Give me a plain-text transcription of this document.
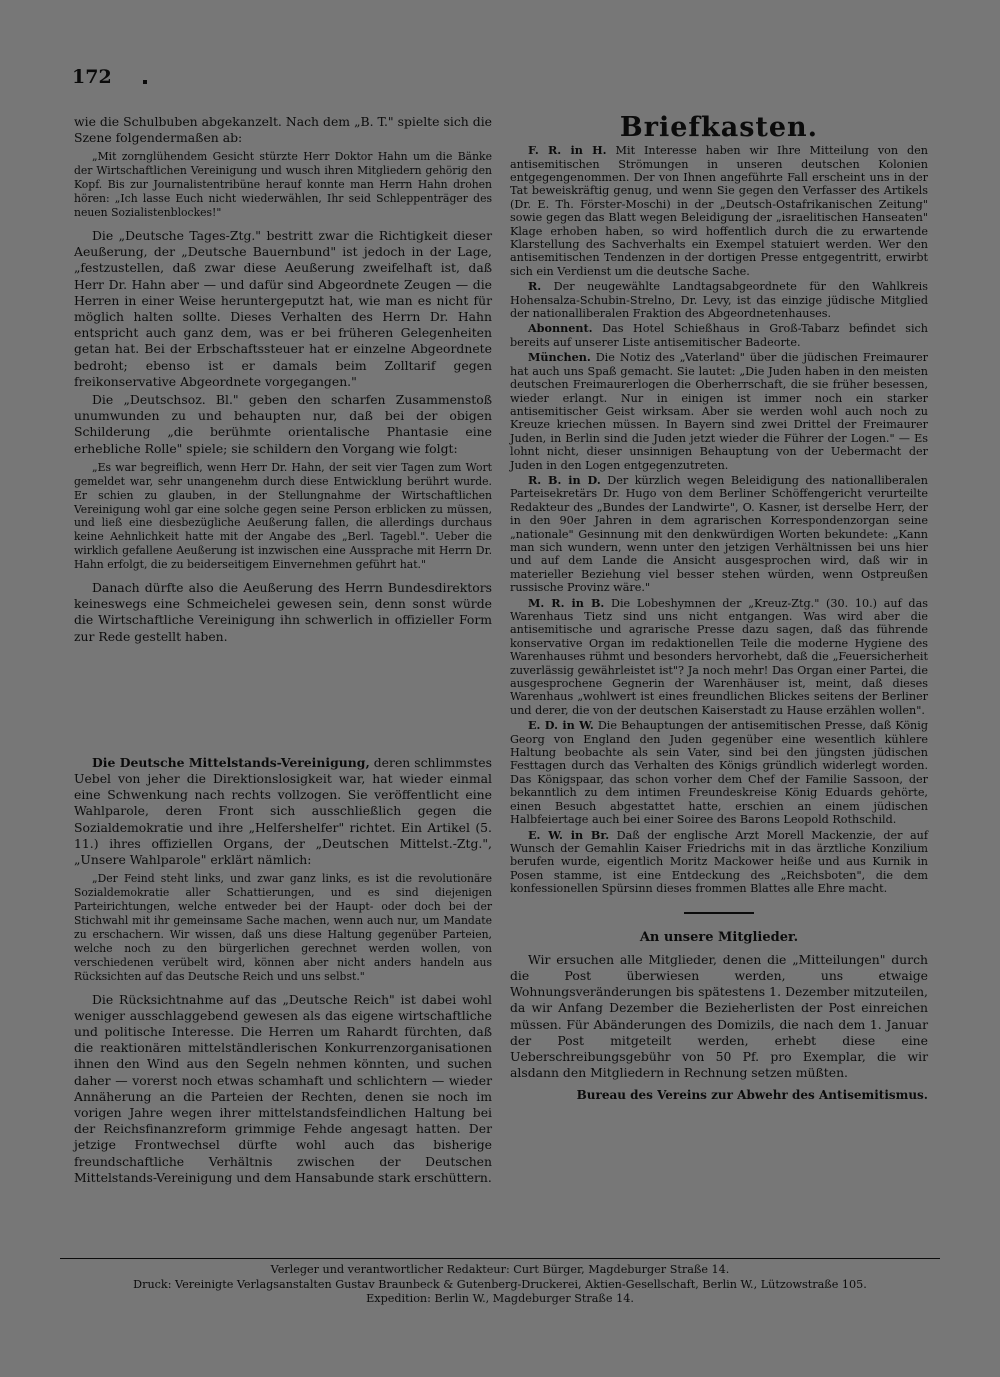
172

wie die Schulbuben abgekanzelt. Nach dem „B. T." spielte sich die Szene folgendermaßen ab:

„Mit zornglühendem Gesicht stürzte Herr Doktor Hahn um die Bänke der Wirtschaftlichen Vereinigung und wusch ihren Mitgliedern gehörig den Kopf. Bis zur Journalistentribüne herauf konnte man Herrn Hahn drohen hören: „Ich lasse Euch nicht wiederwählen, Ihr seid Schleppenträger des neuen Sozialistenblockes!"

Die „Deutsche Tages-Ztg." bestritt zwar die Richtigkeit dieser Aeußerung, der „Deutsche Bauernbund" ist jedoch in der Lage, „festzustellen, daß zwar diese Aeußerung zweifelhaft ist, daß Herr Dr. Hahn aber — und dafür sind Abgeordnete Zeugen — die Herren in einer Weise heruntergeputzt hat, wie man es nicht für möglich halten sollte. Dieses Verhalten des Herrn Dr. Hahn entspricht auch ganz dem, was er bei früheren Gelegenheiten getan hat. Bei der Erbschaftssteuer hat er einzelne Abgeordnete bedroht; ebenso ist er damals beim Zolltarif gegen freikonservative Abgeordnete vorgegangen."

Die „Deutschsoz. Bl." geben den scharfen Zusammenstoß unumwunden zu und behaupten nur, daß bei der obigen Schilderung „die berühmte orientalische Phantasie eine erhebliche Rolle" spiele; sie schildern den Vorgang wie folgt:

„Es war begreiflich, wenn Herr Dr. Hahn, der seit vier Tagen zum Wort gemeldet war, sehr unangenehm durch diese Entwicklung berührt wurde. Er schien zu glauben, in der Stellungnahme der Wirtschaftlichen Vereinigung wohl gar eine solche gegen seine Person erblicken zu müssen, und ließ eine diesbezügliche Aeußerung fallen, die allerdings durchaus keine Aehnlichkeit hatte mit der Angabe des „Berl. Tagebl.". Ueber die wirklich gefallene Aeußerung ist inzwischen eine Aussprache mit Herrn Dr. Hahn erfolgt, die zu beiderseitigem Einvernehmen geführt hat."

Danach dürfte also die Aeußerung des Herrn Bundesdirektors keineswegs eine Schmeichelei gewesen sein, denn sonst würde die Wirtschaftliche Vereinigung ihn schwerlich in offizieller Form zur Rede gestellt haben.

Die Deutsche Mittelstands-Vereinigung, deren schlimmstes Uebel von jeher die Direktionslosigkeit war, hat wieder einmal eine Schwenkung nach rechts vollzogen. Sie veröffentlicht eine Wahlparole, deren Front sich ausschließlich gegen die Sozialdemokratie und ihre „Helfershelfer" richtet. Ein Artikel (5. 11.) ihres offiziellen Organs, der „Deutschen Mittelst.-Ztg.", „Unsere Wahlparole" erklärt nämlich:

„Der Feind steht links, und zwar ganz links, es ist die revolutionäre Sozialdemokratie aller Schattierungen, und es sind diejenigen Parteirichtungen, welche entweder bei der Haupt- oder doch bei der Stichwahl mit ihr gemeinsame Sache machen, wenn auch nur, um Mandate zu erschachern. Wir wissen, daß uns diese Haltung gegenüber Parteien, welche noch zu den bürgerlichen gerechnet werden wollen, von verschiedenen verübelt wird, können aber nicht anders handeln aus Rücksichten auf das Deutsche Reich und uns selbst."

Die Rücksichtnahme auf das „Deutsche Reich" ist dabei wohl weniger ausschlaggebend gewesen als das eigene wirtschaftliche und politische Interesse. Die Herren um Rahardt fürchten, daß die reaktionären mittelständlerischen Konkurrenzorganisationen ihnen den Wind aus den Segeln nehmen könnten, und suchen daher — vorerst noch etwas schamhaft und schlichtern — wieder Annäherung an die Parteien der Rechten, denen sie noch im vorigen Jahre wegen ihrer mittelstandsfeindlichen Haltung bei der Reichsfinanzreform grimmige Fehde angesagt hatten. Der jetzige Frontwechsel dürfte wohl auch das bisherige freundschaftliche Verhältnis zwischen der Deutschen Mittelstands-Vereinigung und dem Hansabunde stark erschüttern.

Briefkasten.

F. R. in H. Mit Interesse haben wir Ihre Mitteilung von den antisemitischen Strömungen in unseren deutschen Kolonien entgegengenommen. Der von Ihnen angeführte Fall erscheint uns in der Tat beweiskräftig genug, und wenn Sie gegen den Verfasser des Artikels (Dr. E. Th. Förster-Moschi) in der „Deutsch-Ostafrikanischen Zeitung" sowie gegen das Blatt wegen Beleidigung der „israelitischen Hanseaten" Klage erhoben haben, so wird hoffentlich durch die zu erwartende Klarstellung des Sachverhalts ein Exempel statuiert werden. Wer den antisemitischen Tendenzen in der dortigen Presse entgegentritt, erwirbt sich ein Verdienst um die deutsche Sache.

R. Der neugewählte Landtagsabgeordnete für den Wahlkreis Hohensalza-Schubin-Strelno, Dr. Levy, ist das einzige jüdische Mitglied der nationalliberalen Fraktion des Abgeordnetenhauses.

Abonnent. Das Hotel Schießhaus in Groß-Tabarz befindet sich bereits auf unserer Liste antisemitischer Badeorte.

München. Die Notiz des „Vaterland" über die jüdischen Freimaurer hat auch uns Spaß gemacht. Sie lautet: „Die Juden haben in den meisten deutschen Freimaurerlogen die Oberherrschaft, die sie früher besessen, wieder erlangt. Nur in einigen ist immer noch ein starker antisemitischer Geist wirksam. Aber sie werden wohl auch noch zu Kreuze kriechen müssen. In Bayern sind zwei Drittel der Freimaurer Juden, in Berlin sind die Juden jetzt wieder die Führer der Logen." — Es lohnt nicht, dieser unsinnigen Behauptung von der Uebermacht der Juden in den Logen entgegenzutreten.

R. B. in D. Der kürzlich wegen Beleidigung des nationalliberalen Parteisekretärs Dr. Hugo von dem Berliner Schöffengericht verurteilte Redakteur des „Bundes der Landwirte", O. Kasner, ist derselbe Herr, der in den 90er Jahren in dem agrarischen Korrespondenzorgan seine „nationale" Gesinnung mit den denkwürdigen Worten bekundete: „Kann man sich wundern, wenn unter den jetzigen Verhältnissen bei uns hier und auf dem Lande die Ansicht ausgesprochen wird, daß wir in materieller Beziehung viel besser stehen würden, wenn Ostpreußen russische Provinz wäre."

M. R. in B. Die Lobeshymnen der „Kreuz-Ztg." (30. 10.) auf das Warenhaus Tietz sind uns nicht entgangen. Was wird aber die antisemitische und agrarische Presse dazu sagen, daß das führende konservative Organ im redaktionellen Teile die moderne Hygiene des Warenhauses rühmt und besonders hervorhebt, daß die „Feuersicherheit zuverlässig gewährleistet ist"? Ja noch mehr! Das Organ einer Partei, die ausgesprochene Gegnerin der Warenhäuser ist, meint, daß dieses Warenhaus „wohlwert ist eines freundlichen Blickes seitens der Berliner und derer, die von der deutschen Kaiserstadt zu Hause erzählen wollen".

E. D. in W. Die Behauptungen der antisemitischen Presse, daß König Georg von England den Juden gegenüber eine wesentlich kühlere Haltung beobachte als sein Vater, sind bei den jüngsten jüdischen Festtagen durch das Verhalten des Königs gründlich widerlegt worden. Das Königspaar, das schon vorher dem Chef der Familie Sassoon, der bekanntlich zu dem intimen Freundeskreise König Eduards gehörte, einen Besuch abgestattet hatte, erschien an einem jüdischen Halbfeiertage auch bei einer Soiree des Barons Leopold Rothschild.

E. W. in Br. Daß der englische Arzt Morell Mackenzie, der auf Wunsch der Gemahlin Kaiser Friedrichs mit in das ärztliche Konzilium berufen wurde, eigentlich Moritz Mackower heiße und aus Kurnik in Posen stamme, ist eine Entdeckung des „Reichsboten", die dem konfessionellen Spürsinn dieses frommen Blattes alle Ehre macht.

An unsere Mitglieder.

Wir ersuchen alle Mitglieder, denen die „Mitteilungen" durch die Post überwiesen werden, uns etwaige Wohnungsveränderungen bis spätestens 1. Dezember mitzuteilen, da wir Anfang Dezember die Bezieherlisten der Post einreichen müssen. Für Abänderungen des Domizils, die nach dem 1. Januar der Post mitgeteilt werden, erhebt diese eine Ueberschreibungsgebühr von 50 Pf. pro Exemplar, die wir alsdann den Mitgliedern in Rechnung setzen müßten.

Bureau des Vereins zur Abwehr des Antisemitismus.
Verleger und verantwortlicher Redakteur: Curt Bürger, Magdeburger Straße 14.
Druck: Vereinigte Verlagsanstalten Gustav Braunbeck & Gutenberg-Druckerei, Aktien-Gesellschaft, Berlin W., Lützowstraße 105.
Expedition: Berlin W., Magdeburger Straße 14.
